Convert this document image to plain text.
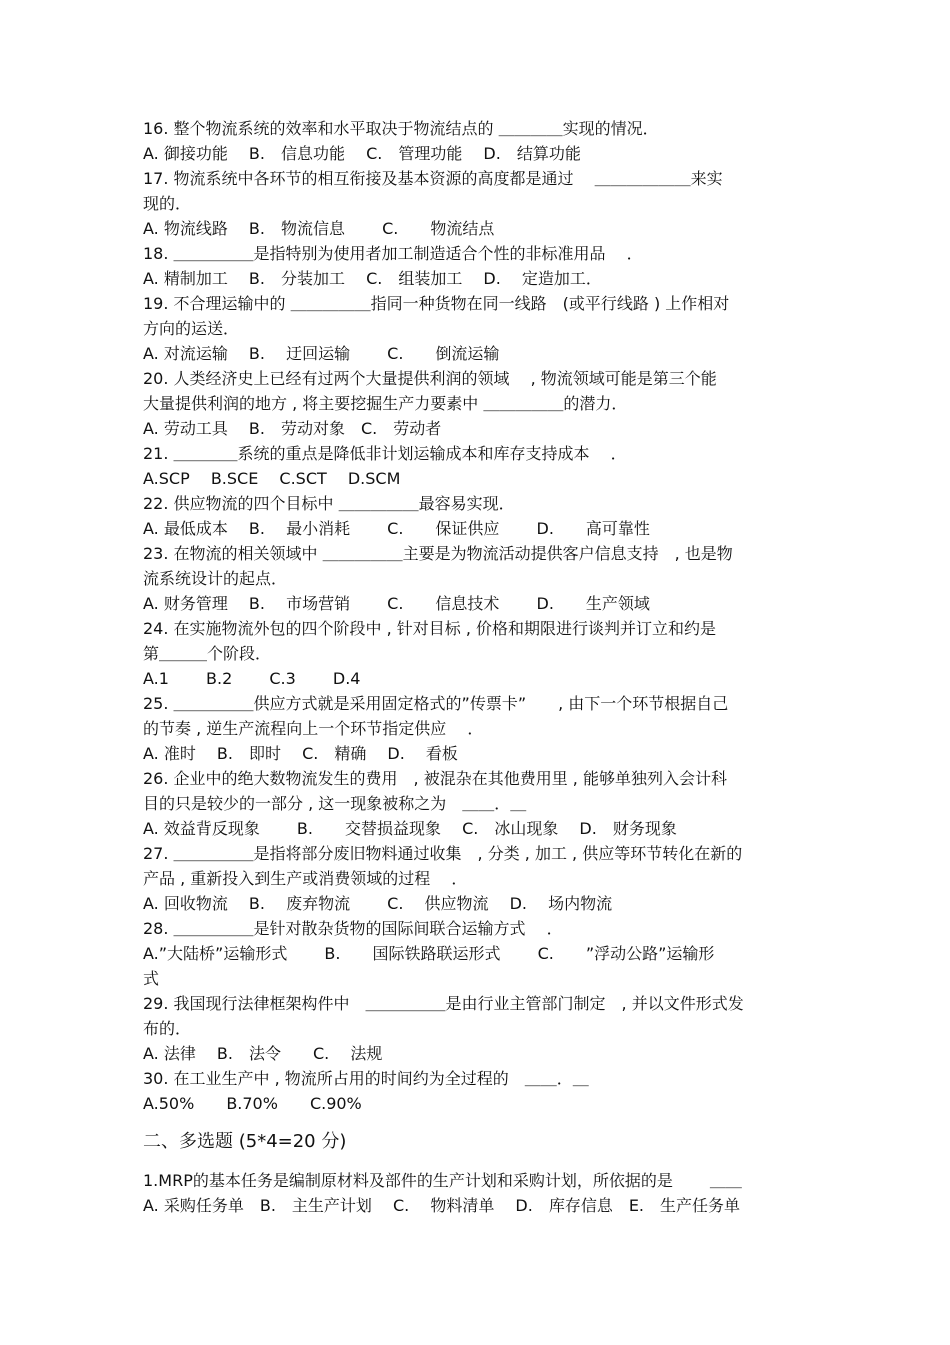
16. 整个物流系统的效率和水平取决于物流结点的 ＿＿＿＿实现的情况．
A. 御接功能　 B.　信息功能　 C.　管理功能　 D.　结算功能
17. 物流系统中各环节的相互衔接及基本资源的高度都是通过　 ＿＿＿＿＿＿来实
现的．
A. 物流线路　 B.　物流信息　　 C.　　物流结点
18. ＿＿＿＿＿是指特别为使用者加工制造适合个性的非标准用品　 ．
A. 精制加工　 B.　分装加工　 C.　组装加工　 D.　 定造加工．
19. 不合理运输中的 ＿＿＿＿＿指同一种货物在同一线路　(或平行线路 ) 上作相对
方向的运送．
A. 对流运输　 B.　 迂回运输　　 C.　　倒流运输
20. 人类经济史上已经有过两个大量提供利润的领域　 , 物流领域可能是第三个能
大量提供利润的地方 , 将主要挖掘生产力要素中 ＿＿＿＿＿的潜力．
A. 劳动工具　 B.　劳动对象　C.　劳动者
21. ＿＿＿＿系统的重点是降低非计划运输成本和库存支持成本　 ．
A.SCP　 B.SCE　 C.SCT　 D.SCM
22. 供应物流的四个目标中 ＿＿＿＿＿最容易实现．
A. 最低成本　 B.　 最小消耗　　 C.　　保证供应　　 D.　　高可靠性
23. 在物流的相关领域中 ＿＿＿＿＿主要是为物流活动提供客户信息支持　, 也是物
流系统设计的起点．
A. 财务管理　 B.　 市场营销　　 C.　　信息技术　　 D.　　生产领域
24. 在实施物流外包的四个阶段中 , 针对目标 , 价格和期限进行谈判并订立和约是
第＿＿＿个阶段．
A.1　　 B.2　　 C.3　　 D.4
25. ＿＿＿＿＿供应方式就是采用固定格式的”传票卡”　　, 由下一个环节根据自己
的节奏 , 逆生产流程向上一个环节指定供应　 ．
A. 准时　 B.　即时　 C.　精确　 D.　 看板
26. 企业中的绝大数物流发生的费用　, 被混杂在其他费用里 , 能够单独列入会计科
目的只是较少的一部分 , 这一现象被称之为　＿＿．＿
A. 效益背反现象　　 B.　　交替损益现象　 C.　冰山现象　 D.　财务现象
27. ＿＿＿＿＿是指将部分废旧物料通过收集　, 分类 , 加工 , 供应等环节转化在新的
产品 , 重新投入到生产或消费领域的过程　 ．
A. 回收物流　 B.　 废弃物流　　 C.　 供应物流　 D.　 场内物流
28. ＿＿＿＿＿是针对散杂货物的国际间联合运输方式　 ．
A.”大陆桥”运输形式　　 B.　　国际铁路联运形式　　 C.　　”浮动公路”运输形
式
29. 我国现行法律框架构件中　＿＿＿＿＿是由行业主管部门制定　, 并以文件形式发
布的．
A. 法律　 B.　法令　　C.　 法规
30. 在工业生产中 , 物流所占用的时间约为全过程的　＿＿．＿
A.50%　　B.70%　　C.90%
二、多选题 (5*4=20 分)
1.MRP的基本任务是编制原材料及部件的生产计划和采购计划，所依据的是　　 ＿＿
A. 采购任务单　B.　主生产计划　 C.　 物料清单　 D.　库存信息　E.　生产任务单
